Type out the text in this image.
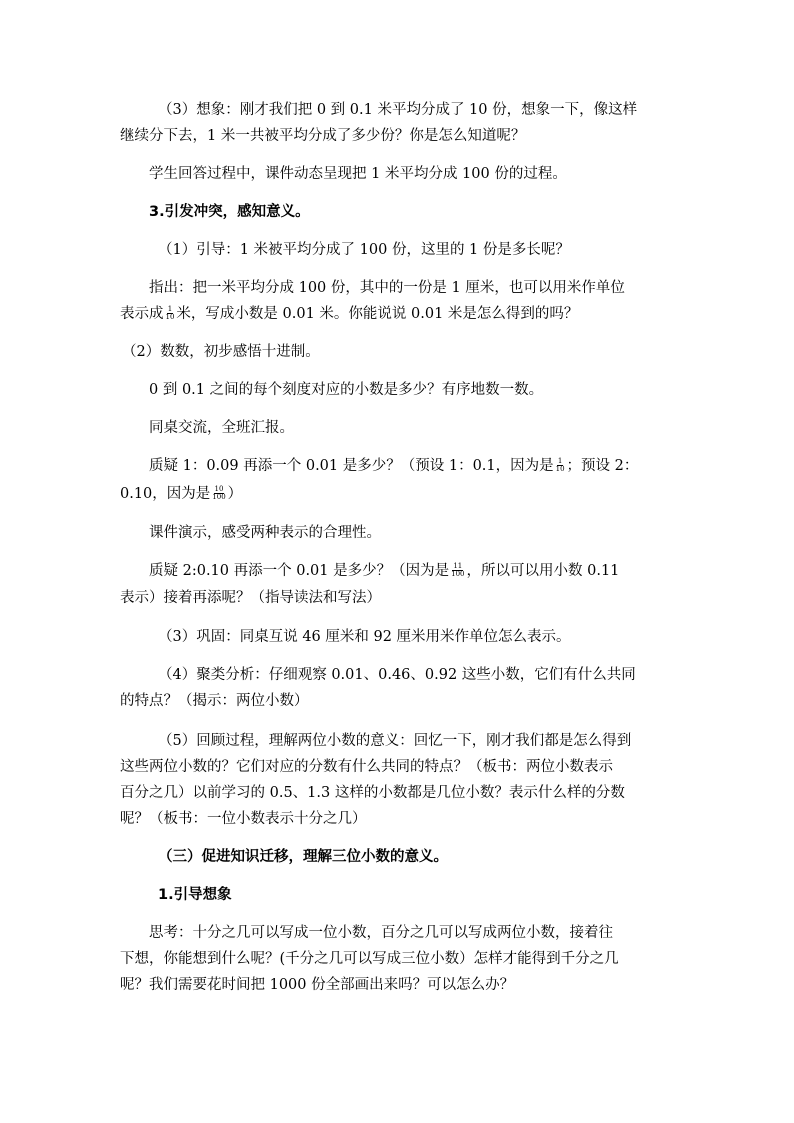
（3）想象：刚才我们把 0 到 0.1 米平均分成了 10 份，想象一下，像这样
继续分下去，1 米一共被平均分成了多少份？你是怎么知道呢？
学生回答过程中，课件动态呈现把 1 米平均分成 100 份的过程。
3.引发冲突，感知意义。
（1）引导：1 米被平均分成了 100 份，这里的 1 份是多长呢？
指出：把一米平均分成 100 份，其中的一份是 1 厘米，也可以用米作单位
表示成 $\frac{1}{10}$ 米，写成小数是 0.01 米。你能说说 0.01 米是怎么得到的吗？
（2）数数，初步感悟十进制。
0 到 0.1 之间的每个刻度对应的小数是多少？有序地数一数。
同桌交流，全班汇报。
质疑 1：0.09 再添一个 0.01 是多少？（预设 1：0.1，因为是 $\frac{1}{10}$ ；预设 2：
0.10，因为是 $\frac{10}{100}$ ）
课件演示，感受两种表示的合理性。
质疑 2:0.10 再添一个 0.01 是多少？（因为是 $\frac{11}{100}$ ，所以可以用小数 0.11
表示）接着再添呢？（指导读法和写法）
（3）巩固：同桌互说 46 厘米和 92 厘米用米作单位怎么表示。
（4）聚类分析：仔细观察 0.01、0.46、0.92 这些小数，它们有什么共同
的特点？（揭示：两位小数）
（5）回顾过程，理解两位小数的意义：回忆一下，刚才我们都是怎么得到
这些两位小数的？它们对应的分数有什么共同的特点？（板书：两位小数表示
百分之几）以前学习的 0.5、1.3 这样的小数都是几位小数？表示什么样的分数
呢？（板书：一位小数表示十分之几）
（三）促进知识迁移，理解三位小数的意义。
1.引导想象
思考：十分之几可以写成一位小数，百分之几可以写成两位小数，接着往
下想，你能想到什么呢？(千分之几可以写成三位小数）怎样才能得到千分之几
呢？我们需要花时间把 1000 份全部画出来吗？可以怎么办？
